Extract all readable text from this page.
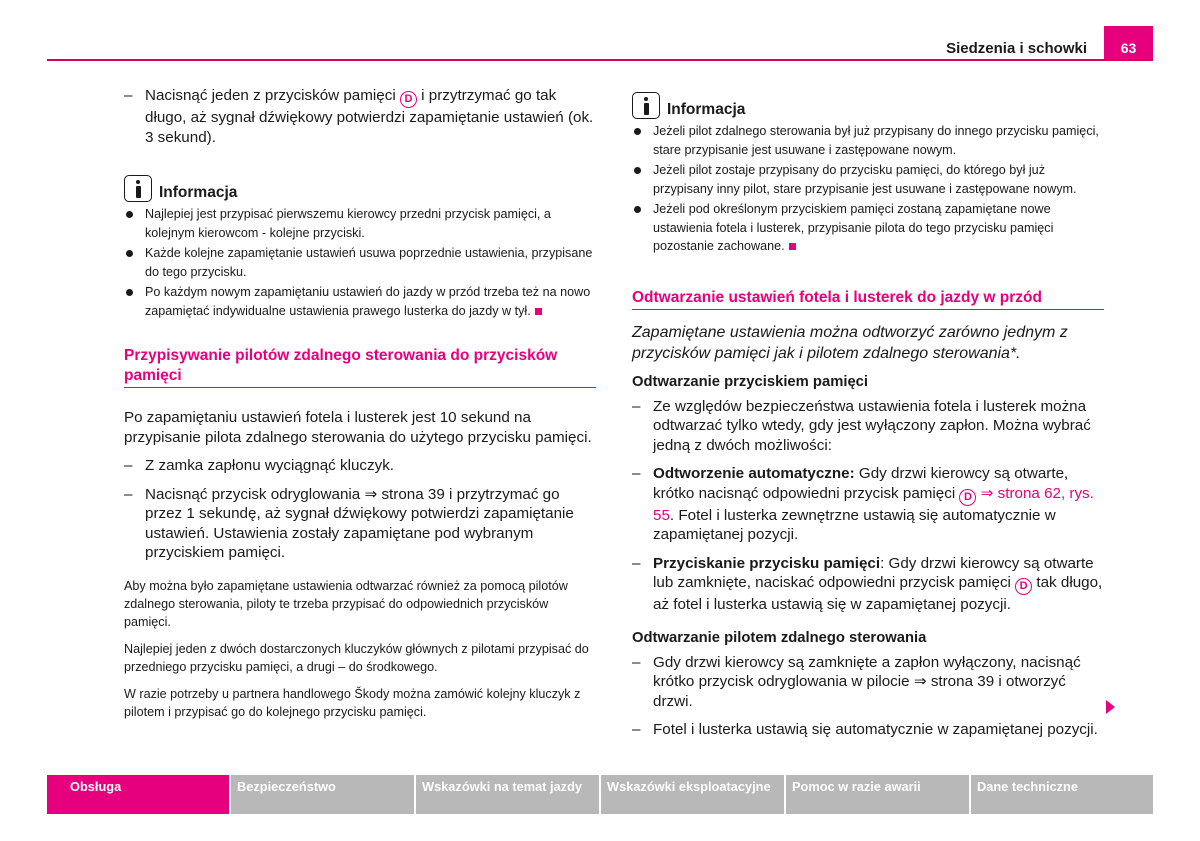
Siedzenia i schowki	63
– Nacisnąć jeden z przycisków pamięci D i przytrzymać go tak długo, aż sygnał dźwiękowy potwierdzi zapamiętanie ustawień (ok. 3 sekund).
Informacja
Najlepiej jest przypisać pierwszemu kierowcy przedni przycisk pamięci, a kolejnym kierowcom - kolejne przyciski.
Każde kolejne zapamiętanie ustawień usuwa poprzednie ustawienia, przypisane do tego przycisku.
Po każdym nowym zapamiętaniu ustawień do jazdy w przód trzeba też na nowo zapamiętać indywidualne ustawienia prawego lusterka do jazdy w tył.
Przypisywanie pilotów zdalnego sterowania do przycisków pamięci
Po zapamiętaniu ustawień fotela i lusterek jest 10 sekund na przypisanie pilota zdalnego sterowania do użytego przycisku pamięci.
– Z zamka zapłonu wyciągnąć kluczyk.
– Nacisnąć przycisk odryglowania ⇒ strona 39 i przytrzymać go przez 1 sekundę, aż sygnał dźwiękowy potwierdzi zapamiętanie ustawień. Ustawienia zostały zapamiętane pod wybranym przyciskiem pamięci.
Aby można było zapamiętane ustawienia odtwarzać również za pomocą pilotów zdalnego sterowania, piloty te trzeba przypisać do odpowiednich przycisków pamięci.
Najlepiej jeden z dwóch dostarczonych kluczyków głównych z pilotami przypisać do przedniego przycisku pamięci, a drugi – do środkowego.
W razie potrzeby u partnera handlowego Škody można zamówić kolejny kluczyk z pilotem i przypisać go do kolejnego przycisku pamięci.
Informacja
Jeżeli pilot zdalnego sterowania był już przypisany do innego przycisku pamięci, stare przypisanie jest usuwane i zastępowane nowym.
Jeżeli pilot zostaje przypisany do przycisku pamięci, do którego był już przypisany inny pilot, stare przypisanie jest usuwane i zastępowane nowym.
Jeżeli pod określonym przyciskiem pamięci zostaną zapamiętane nowe ustawienia fotela i lusterek, przypisanie pilota do tego przycisku pamięci pozostanie zachowane.
Odtwarzanie ustawień fotela i lusterek do jazdy w przód
Zapamiętane ustawienia można odtworzyć zarówno jednym z przycisków pamięci jak i pilotem zdalnego sterowania*.
Odtwarzanie przyciskiem pamięci
– Ze względów bezpieczeństwa ustawienia fotela i lusterek można odtwarzać tylko wtedy, gdy jest wyłączony zapłon. Można wybrać jedną z dwóch możliwości:
– Odtworzenie automatyczne: Gdy drzwi kierowcy są otwarte, krótko nacisnąć odpowiedni przycisk pamięci D ⇒ strona 62, rys. 55. Fotel i lusterka zewnętrzne ustawią się automatycznie w zapamiętanej pozycji.
– Przyciskanie przycisku pamięci: Gdy drzwi kierowcy są otwarte lub zamknięte, naciskać odpowiedni przycisk pamięci D tak długo, aż fotel i lusterka ustawią się w zapamiętanej pozycji.
Odtwarzanie pilotem zdalnego sterowania
– Gdy drzwi kierowcy są zamknięte a zapłon wyłączony, nacisnąć krótko przycisk odryglowania w pilocie ⇒ strona 39 i otworzyć drzwi.
– Fotel i lusterka ustawią się automatycznie w zapamiętanej pozycji.
Obsługa	Bezpieczeństwo	Wskazówki na temat jazdy	Wskazówki eksploatacyjne	Pomoc w razie awarii	Dane techniczne
